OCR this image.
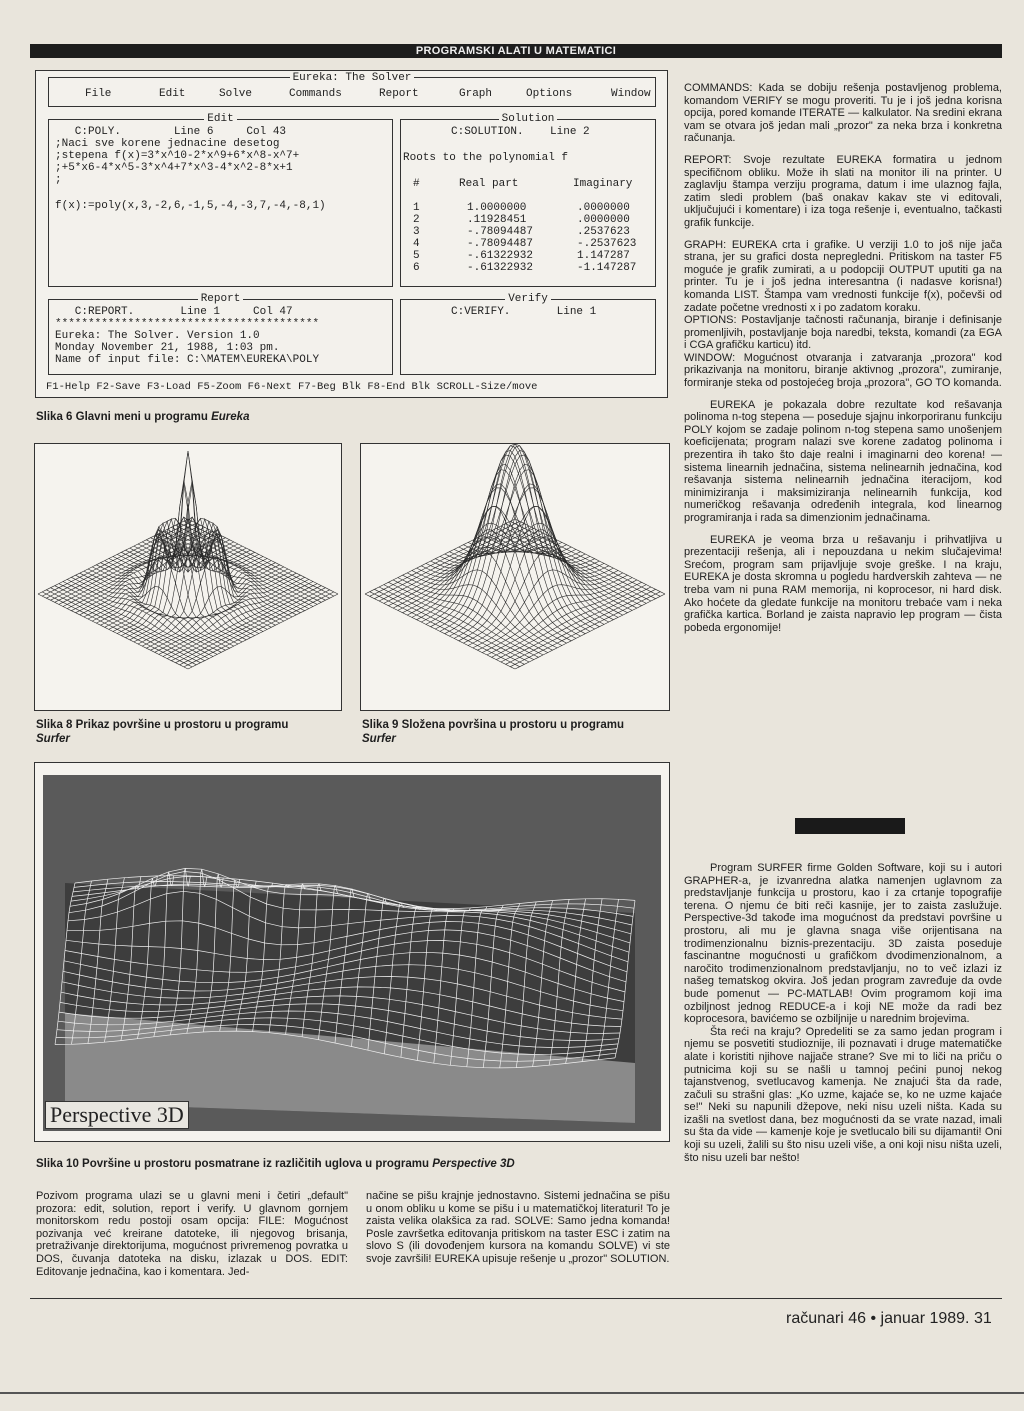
PROGRAMSKI ALATI U MATEMATICI
Eureka: The Solver
File	Edit	Solve	Commands	Report	Graph	Options	Window
Edit
C:POLY.        Line 6     Col 43
;Naci sve korene jednacine desetog
;stepena f(x)=3*x^10-2*x^9+6*x^8-x^7+
;+5*x6-4*x^5-3*x^4+7*x^3-4*x^2-8*x+1
;
f(x):=poly(x,3,-2,6,-1,5,-4,-3,7,-4,-8,1)
Solution
C:SOLUTION.    Line 2
Roots to the polynomial f
#	Real part	Imaginary
1	1.0000000	.0000000
2	.11928451	.0000000
3	-.78094487	.2537623
4	-.78094487	-.2537623
5	-.61322932	1.147287
6	-.61322932	-1.147287
Report
C:REPORT.       Line 1     Col 47
****************************************
Eureka: The Solver. Version 1.0
Monday November 21, 1988, 1:03 pm.
Name of input file: C:\MATEM\EUREKA\POLY
Verify
C:VERIFY.       Line 1
F1-Help F2-Save F3-Load F5-Zoom F6-Next F7-Beg Blk F8-End Blk SCROLL-Size/move
Slika 6 Glavni meni u programu Eureka
Slika 8 Prikaz površine u prostoru u programu
Surfer
Slika 9 Složena površina u prostoru u programu
Surfer
Perspective 3D
Slika 10 Površine u prostoru posmatrane iz različitih uglova u programu Perspective 3D

Pozivom programa ulazi se u glavni meni i četiri „default" prozora: edit, solution, report i verify. U glavnom gornjem monitorskom redu postoji osam opcija: FILE: Mogućnost pozivanja već kreirane datoteke, ili njegovog brisanja, pretraživanje direktorijuma, mogućnost privremenog povratka u DOS, čuvanja datoteka na disku, izlazak u DOS. EDIT: Editovanje jednačina, kao i komentara. Jed-

načine se pišu krajnje jednostavno. Sistemi jednačina se pišu u onom obliku u kome se pišu i u matematičkoj literaturi! To je zaista velika olakšica za rad. SOLVE: Samo jedna komanda! Posle završetka editovanja pritiskom na taster ESC i zatim na slovo S (ili dovođenjem kursora na komandu SOLVE) vi ste svoje završili! EUREKA upisuje rešenje u „prozor" SOLUTION.

COMMANDS: Kada se dobiju rešenja postavljenog problema, komandom VERIFY se mogu proveriti. Tu je i još jedna korisna opcija, pored komande ITERATE — kalkulator. Na sredini ekrana vam se otvara još jedan mali „prozor" za neka brza i konkretna računanja.

REPORT: Svoje rezultate EUREKA formatira u jednom specifičnom obliku. Može ih slati na monitor ili na printer. U zaglavlju štampa verziju programa, datum i ime ulaznog fajla, zatim sledi problem (baš onakav kakav ste vi editovali, uključujući i komentare) i iza toga rešenje i, eventualno, tačkasti grafik funkcije.

GRAPH: EUREKA crta i grafike. U verziji 1.0 to još nije jača strana, jer su grafici dosta nepregledni. Pritiskom na taster F5 moguće je grafik zumirati, a u podopciji OUTPUT uputiti ga na printer. Tu je i još jedna interesantna (i nadasve korisna!) komanda LIST. Štampa vam vrednosti funkcije f(x), počevši od zadate početne vrednosti x i po zadatom koraku.

OPTIONS: Postavljanje tačnosti računanja, biranje i definisanje promenljivih, postavljanje boja naredbi, teksta, komandi (za EGA i CGA grafičku karticu) itd.

WINDOW: Mogućnost otvaranja i zatvaranja „prozora" kod prikazivanja na monitoru, biranje aktivnog „prozora", zumiranje, formiranje steka od postojećeg broja „prozora", GO TO komanda.

EUREKA je pokazala dobre rezultate kod rešavanja polinoma n-tog stepena — poseduje sjajnu inkorporiranu funkciju POLY kojom se zadaje polinom n-tog stepena samo unošenjem koeficijenata; program nalazi sve korene zadatog polinoma i prezentira ih tako što daje realni i imaginarni deo korena! — sistema linearnih jednačina, sistema nelinearnih jednačina, kod rešavanja sistema nelinearnih jednačina iteracijom, kod minimiziranja i maksimiziranja nelinearnih funkcija, kod numeričkog rešavanja određenih integrala, kod linearnog programiranja i rada sa dimenzionim jednačinama.

EUREKA je veoma brza u rešavanju i prihvatljiva u prezentaciji rešenja, ali i nepouzdana u nekim slučajevima! Srećom, program sam prijavljuje svoje greške. I na kraju, EUREKA je dosta skromna u pogledu hardverskih zahteva — ne treba vam ni puna RAM memorija, ni koprocesor, ni hard disk. Ako hoćete da gledate funkcije na monitoru trebaće vam i neka grafička kartica. Borland je zaista napravio lep program — čista pobeda ergonomije!

Program SURFER firme Golden Software, koji su i autori GRAPHER-a, je izvanredna alatka namenjen uglavnom za predstavljanje funkcija u prostoru, kao i za crtanje topografije terena. O njemu će biti reči kasnije, jer to zaista zaslužuje. Perspective-3d takođe ima mogućnost da predstavi površine u prostoru, ali mu je glavna snaga više orijentisana na trodimenzionalnu biznis-prezentaciju. 3D zaista poseduje fascinantne mogućnosti u grafičkom dvodimenzionalnom, a naročito trodimenzionalnom predstavljanju, no to več izlazi iz našeg tematskog okvira. Još jedan program zavređuje da ovde bude pomenut — PC-MATLAB! Ovim programom koji ima ozbiljnost jednog REDUCE-a i koji NE može da radi bez koprocesora, bavićemo se ozbiljnije u narednim brojevima.

Šta reći na kraju? Opredeliti se za samo jedan program i njemu se posvetiti studioznije, ili poznavati i druge matematičke alate i koristiti njihove najjače strane? Sve mi to liči na priču o putnicima koji su se našli u tamnoj pećini punoj nekog tajanstvenog, svetlucavog kamenja. Ne znajući šta da rade, začuli su strašni glas: „Ko uzme, kajaće se, ko ne uzme kajaće se!" Neki su napunili džepove, neki nisu uzeli ništa. Kada su izašli na svetlost dana, bez mogućnosti da se vrate nazad, imali su šta da vide — kamenje koje je svetlucalo bili su dijamanti! Oni koji su uzeli, žalili su što nisu uzeli više, a oni koji nisu ništa uzeli, što nisu uzeli bar nešto!

računari 46 • januar 1989. 31
